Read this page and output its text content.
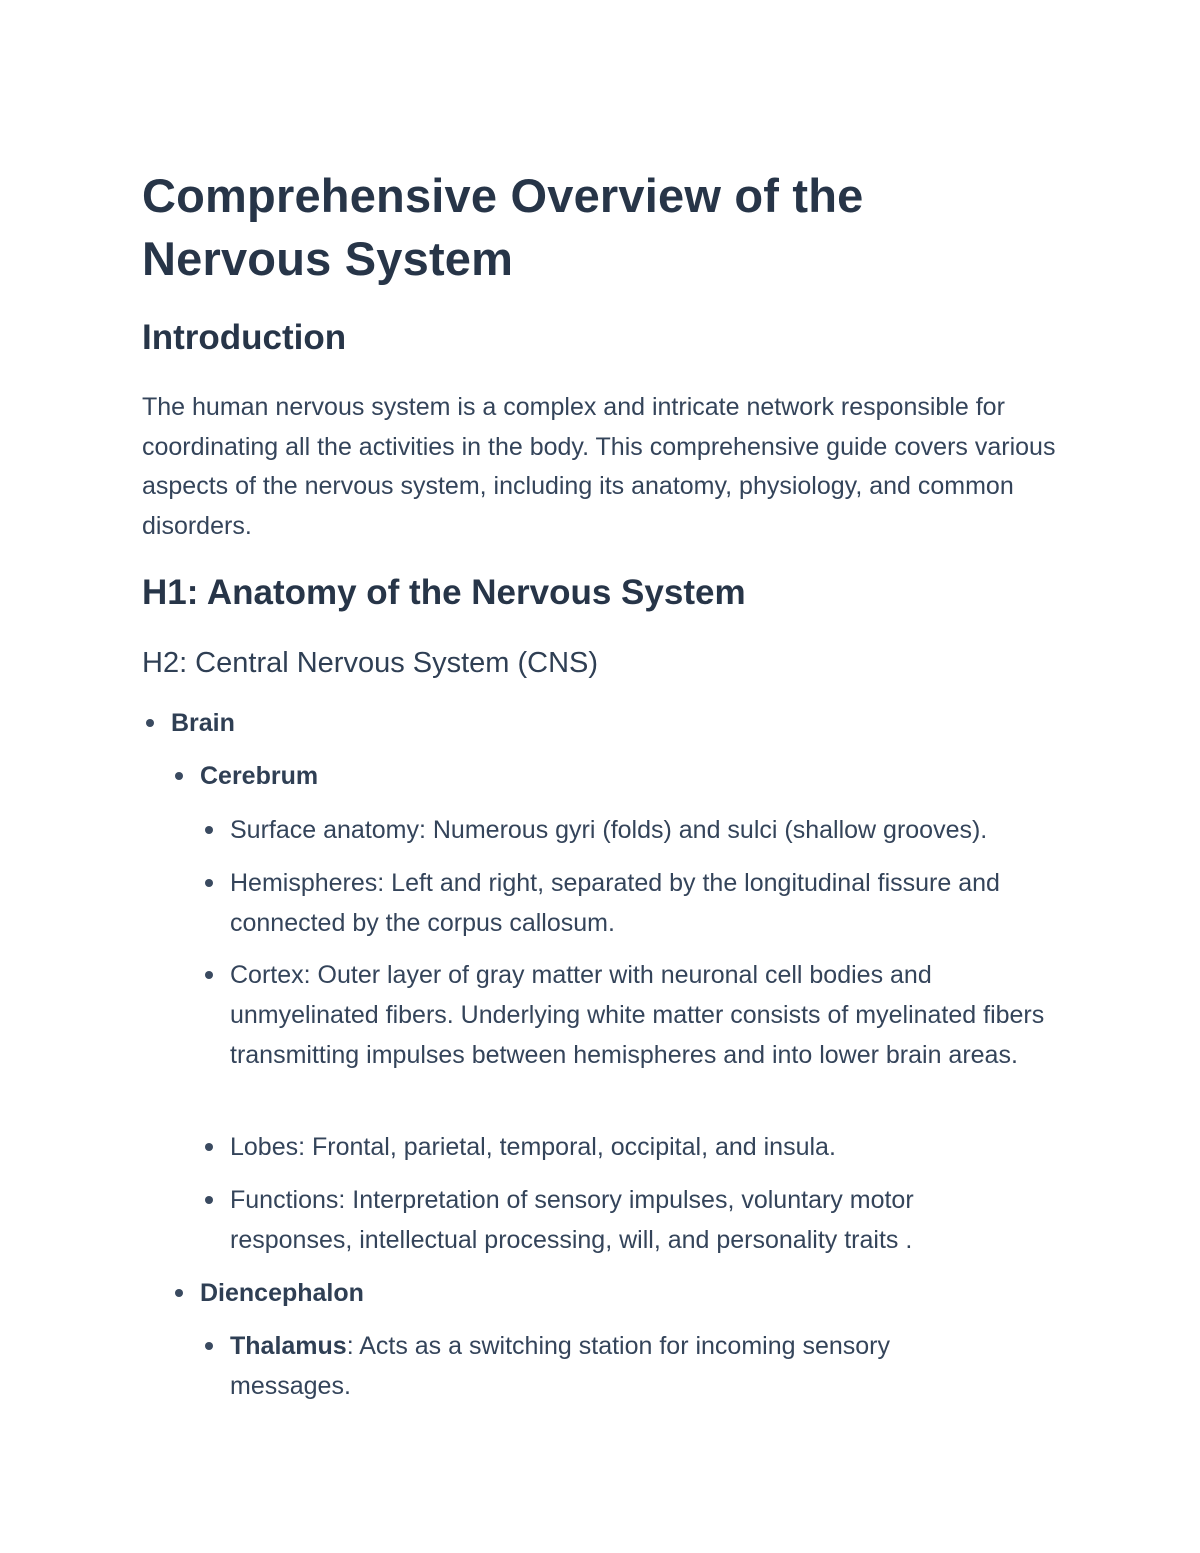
Comprehensive Overview of the Nervous System
Introduction

The human nervous system is a complex and intricate network responsible for coordinating all the activities in the body. This comprehensive guide covers various aspects of the nervous system, including its anatomy, physiology, and common disorders.

H1: Anatomy of the Nervous System
H2: Central Nervous System (CNS)
Brain
Cerebrum
Surface anatomy: Numerous gyri (folds) and sulci (shallow grooves).
Hemispheres: Left and right, separated by the longitudinal fissure and connected by the corpus callosum.
Cortex: Outer layer of gray matter with neuronal cell bodies and unmyelinated fibers. Underlying white matter consists of myelinated fibers transmitting impulses between hemispheres and into lower brain areas.
Lobes: Frontal, parietal, temporal, occipital, and insula.
Functions: Interpretation of sensory impulses, voluntary motor responses, intellectual processing, will, and personality traits .
Diencephalon
Thalamus: Acts as a switching station for incoming sensory messages.
